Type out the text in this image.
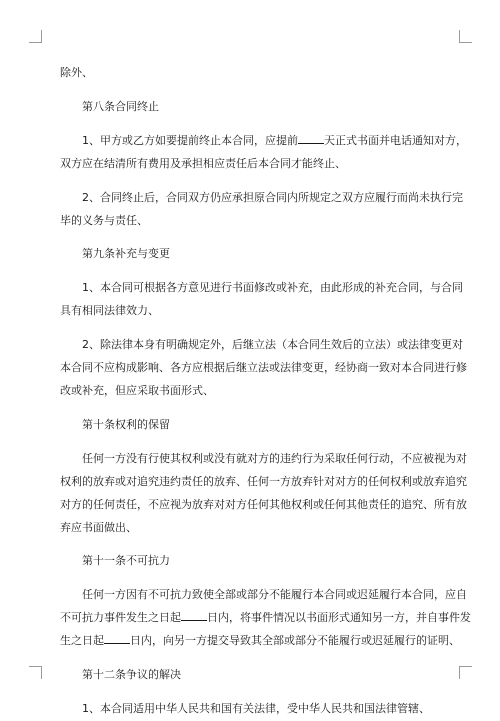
除外、
第八条合同终止
1、甲方或乙方如要提前终止本合同，应提前 天正式书面并电话通知对方，
双方应在结清所有费用及承担相应责任后本合同才能终止、
2、合同终止后，合同双方仍应承担原合同内所规定之双方应履行而尚未执行完
毕的义务与责任、
第九条补充与变更
1、本合同可根据各方意见进行书面修改或补充，由此形成的补充合同，与合同
具有相同法律效力、
2、除法律本身有明确规定外，后继立法（本合同生效后的立法）或法律变更对
本合同不应构成影响、各方应根据后继立法或法律变更，经协商一致对本合同进行修
改或补充，但应采取书面形式、
第十条权利的保留
任何一方没有行使其权利或没有就对方的违约行为采取任何行动，不应被视为对
权利的放弃或对追究违约责任的放弃、任何一方放弃针对对方的任何权利或放弃追究
对方的任何责任，不应视为放弃对对方任何其他权利或任何其他责任的追究、所有放
弃应书面做出、
第十一条不可抗力
任何一方因有不可抗力致使全部或部分不能履行本合同或迟延履行本合同，应自
不可抗力事件发生之日起 日内，将事件情况以书面形式通知另一方，并自事件发
生之日起 日内，向另一方提交导致其全部或部分不能履行或迟延履行的证明、
第十二条争议的解决
1、本合同适用中华人民共和国有关法律，受中华人民共和国法律管辖、
